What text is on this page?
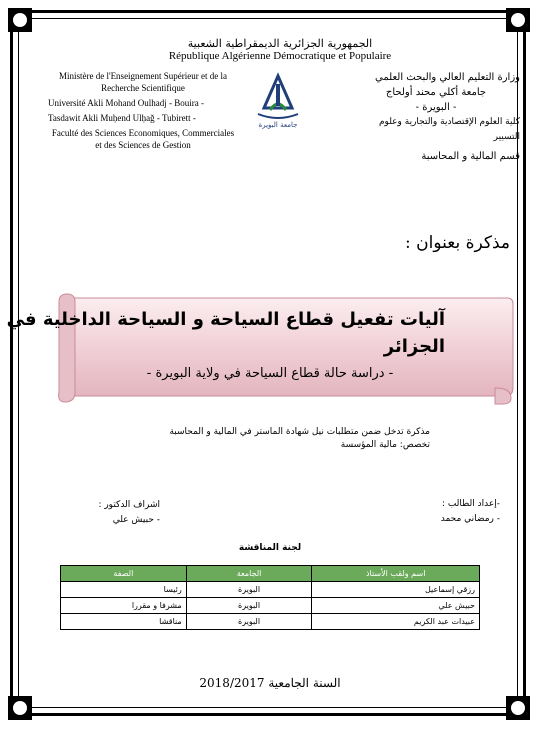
الجمهورية الجزائرية الديمقراطية الشعبية
République Algérienne Démocratique et Populaire
Ministère de l'Enseignement Supérieur et de la Recherche Scientifique
Université Akli Mohand Oulhadj - Bouira -
Tasdawit Akli Muḥend Ulḥaǧ - Tubirett -
Faculté des Sciences Economiques, Commerciales et des Sciences de Gestion
جامعة البويرة
وزارة التعليم العالي والبحث العلمي
جامعة أكلي محند أولحاج
- البويرة -
كلية العلوم الإقتصادية والتجارية وعلوم التسيير
قسم المالية و المحاسبة
مذكرة بعنوان :
آليات تفعيل قطاع السياحة و السياحة الداخلية في
الجزائر
- دراسة حالة قطاع السياحة في ولاية البويرة -
مذكرة تدخل ضمن متطلبات نيل شهادة الماستر في المالية و المحاسبة
تخصص: مالية المؤسسة
-إعداد الطالب :
- رمضاني محمد
اشراف الدكتور :
- حبيش علي
لجنة المناقشة
اسم ولقب الأستاذ	الجامعة	الصفة
رزقي إسماعيل	البويرة	رئيسا
حبيش علي	البويرة	مشرفا و مقررا
عبيدات عبد الكريم	البويرة	مناقشا
السنة الجامعية 2018/2017
